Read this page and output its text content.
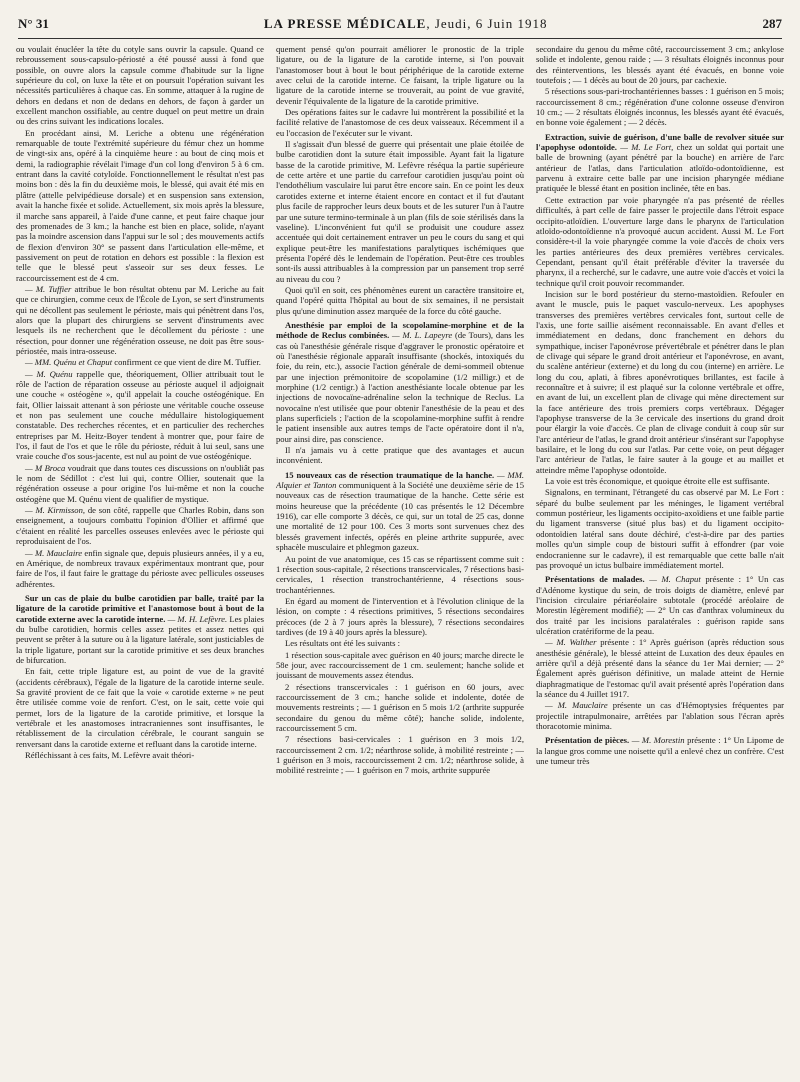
N° 31	LA PRESSE MÉDICALE, Jeudi, 6 Juin 1918	287

ou voulait énucléer la tête du cotyle sans ouvrir la capsule. Quand ce rebroussement sous-capsulo-périosté a été poussé aussi à fond que possible, on ouvre alors la capsule comme d'habitude sur la ligne supérieure du col, on luxe la tête et on poursuit l'opération suivant les nécessités particulières à chaque cas. En somme, attaquer à la rugine de dehors en dedans et non de dedans en dehors, de façon à garder un excellent manchon ossifiable, au centre duquel on peut mettre un drain ou des crins suivant les indications locales.

En procédant ainsi, M. Leriche a obtenu une régénération remarquable de toute l'extrémité supérieure du fémur chez un homme de vingt-six ans, opéré à la cinquième heure : au bout de cinq mois et demi, la radiographie révélait l'image d'un col long d'environ 5 à 6 cm. entrant dans la cavité cotyloïde. Fonctionnellement le résultat n'est pas moins bon : dès la fin du deuxième mois, le blessé, qui avait été mis en plâtre (attelle pelvipédieuse dorsale) et en suspension sans extension, avait la hanche fixée et solide. Actuellement, six mois après la blessure, il marche sans appareil, à l'aide d'une canne, et peut faire chaque jour des promenades de 3 km.; la hanche est bien en place, solide, n'ayant pas la moindre ascension dans l'appui sur le sol ; des mouvements actifs de flexion d'environ 30° se passent dans l'articulation elle-même, et passivement on peut de rotation en dehors est possible : la flexion est telle que le blessé peut s'asseoir sur ses deux fesses. Le raccourcissement est de 4 cm.

— M. Tuffier attribue le bon résultat obtenu par M. Leriche au fait que ce chirurgien, comme ceux de l'École de Lyon, se sert d'instruments qui ne décollent pas seulement le périoste, mais qui pénètrent dans l'os, alors que la plupart des chirurgiens se servent d'instruments avec lesquels ils ne recherchent que le décollement du périoste : une résection, pour donner une régénération osseuse, ne doit pas être sous-périostée, mais intra-osseuse.

— MM. Quénu et Chaput confirment ce que vient de dire M. Tuffier.

— M. Quénu rappelle que, théoriquement, Ollier attribuait tout le rôle de l'action de réparation osseuse au périoste auquel il adjoignait une couche « ostéogène », qu'il appelait la couche ostéogénique. En fait, Ollier laissait attenant à son périoste une véritable couche osseuse et non pas seulement une couche médullaire histologiquement constatable. Des recherches récentes, et en particulier des recherches entreprises par M. Heitz-Boyer tendent à montrer que, pour faire de l'os, il faut de l'os et que le rôle du périoste, réduit à lui seul, sans une vraie couche d'os sous-jacente, est nul au point de vue ostéogénique.

— M Broca voudrait que dans toutes ces discussions on n'oubliât pas le nom de Sédillot : c'est lui qui, contre Ollier, soutenait que la régénération osseuse a pour origine l'os lui-même et non la couche ostéogène que M. Quénu vient de qualifier de mystique.

— M. Kirmisson, de son côté, rappelle que Charles Robin, dans son enseignement, a toujours combattu l'opinion d'Ollier et affirmé que c'étaient en réalité les parcelles osseuses enlevées avec le périoste qui reproduisaient de l'os.

— M. Mauclaire enfin signale que, depuis plusieurs années, il y a eu, en Amérique, de nombreux travaux expérimentaux montrant que, pour faire de l'os, il faut faire le grattage du périoste avec pellicules osseuses adhérentes.

Sur un cas de plaie du bulbe carotidien par balle, traité par la ligature de la carotide primitive et l'anastomose bout à bout de la carotide externe avec la carotide interne. — M. H. Lefèvre. Les plaies du bulbe carotidien, hormis celles assez petites et assez nettes qui peuvent se prêter à la suture ou à la ligature latérale, sont justiciables de la triple ligature, portant sur la carotide primitive et ses deux branches de bifurcation.

En fait, cette triple ligature est, au point de vue de la gravité (accidents cérébraux), l'égale de la ligature de la carotide interne seule. Sa gravité provient de ce fait que la voie « carotide externe » ne peut être utilisée comme voie de renfort. C'est, on le sait, cette voie qui permet, lors de la ligature de la carotide primitive, et lorsque la vertébrale et les anastomoses intracraniennes sont insuffisantes, le rétablissement de la circulation cérébrale, le courant sanguin se renversant dans la carotide externe et refluant dans la carotide interne.

Réfléchissant à ces faits, M. Lefèvre avait théori-

quement pensé qu'on pourrait améliorer le pronostic de la triple ligature, ou de la ligature de la carotide interne, si l'on pouvait l'anastomoser bout à bout le bout périphérique de la carotide externe avec celui de la carotide interne. Ce faisant, la triple ligature ou la ligature de la carotide interne se trouverait, au point de vue gravité, devenir l'équivalente de la ligature de la carotide primitive.

Des opérations faites sur le cadavre lui montrèrent la possibilité et la facilité relative de l'anastomose de ces deux vaisseaux. Récemment il a eu l'occasion de l'exécuter sur le vivant.

Il s'agissait d'un blessé de guerre qui présentait une plaie étoilée de bulbe carotidien dont la suture était impossible. Ayant fait la ligature basse de la carotide primitive, M. Lefèvre réséqua la partie supérieure de cette artère et une partie du carrefour carotidien jusqu'au point où l'endothélium vasculaire lui parut être encore sain. En ce point les deux carotides externe et interne étaient encore en contact et il fut d'autant plus facile de rapprocher leurs deux bouts et de les suturer l'un à l'autre par une suture termino-terminale à un plan (fils de soie stérilisés dans la vaseline). L'inconvénient fut qu'il se produisit une coudure assez accentuée qui doit certainement entraver un peu le cours du sang et qui explique peut-être les manifestations paralytiques ischémiques que présenta l'opéré dès le lendemain de l'opération. Peut-être ces troubles sont-ils aussi attribuables à la compression par un pansement trop serré au niveau du cou ?

Quoi qu'il en soit, ces phénomènes eurent un caractère transitoire et, quand l'opéré quitta l'hôpital au bout de six semaines, il ne persistait plus qu'une diminution assez marquée de la force du côté gauche.

Anesthésie par emploi de la scopolamine-morphine et de la méthode de Reclus combinées. — M. L. Lapeyre (de Tours), dans les cas où l'anesthésie générale risque d'aggraver le pronostic opératoire et où l'anesthésie régionale apparaît insuffisante (shockés, intoxiqués du foie, du rein, etc.), associe l'action générale de demi-sommeil obtenue par une injection prémonitoire de scopolamine (1/2 milligr.) et de morphine (1/2 centigr.) à l'action anesthésiante locale obtenue par les injections de novocaïne-adrénaline selon la technique de Reclus. La novocaïne n'est utilisée que pour obtenir l'anesthésie de la peau et des plans superficiels ; l'action de la scopolamine-morphine suffit à rendre le patient insensible aux autres temps de l'acte opératoire dont il n'a, pour ainsi dire, pas conscience.

Il n'a jamais vu à cette pratique que des avantages et aucun inconvénient.

15 nouveaux cas de résection traumatique de la hanche. — MM. Alquier et Tanton communiquent à la Société une deuxième série de 15 nouveaux cas de résection traumatique de la hanche. Cette série est moins heureuse que la précédente (10 cas présentés le 12 Décembre 1916), car elle comporte 3 décès, ce qui, sur un total de 25 cas, donne une mortalité de 12 pour 100. Ces 3 morts sont survenues chez des blessés gravement infectés, opérés en pleine arthrite suppurée, avec sphacèle musculaire et phlegmon gazeux.

Au point de vue anatomique, ces 15 cas se répartissent comme suit : 1 résection sous-capitale, 2 résections transcervicales, 7 résections basi-cervicales, 1 résection transtrochantérienne, 4 résections sous-trochantériennes.

En égard au moment de l'intervention et à l'évolution clinique de la lésion, on compte : 4 résections primitives, 5 résections secondaires précoces (de 2 à 7 jours après la blessure), 7 résections secondaires tardives (de 19 à 40 jours après la blessure).

Les résultats ont été les suivants :

1 résection sous-capitale avec guérison en 40 jours; marche directe le 58e jour, avec raccourcissement de 1 cm. seulement; hanche solide et jouissant de mouvements assez étendus.

2 résections transcervicales : 1 guérison en 60 jours, avec raccourcissement de 3 cm.; hanche solide et indolente, dotée de mouvements restreints ; — 1 guérison en 5 mois 1/2 (arthrite suppurée secondaire du genou du même côté); hanche solide, indolente, raccourcissement 5 cm.

7 résections basi-cervicales : 1 guérison en 3 mois 1/2, raccourcissement 2 cm. 1/2; néarthrose solide, à mobilité restreinte ; — 1 guérison en 3 mois, raccourcissement 2 cm. 1/2; néarthrose solide, à mobilité restreinte ; — 1 guérison en 7 mois, arthrite suppurée

secondaire du genou du même côté, raccourcissement 3 cm.; ankylose solide et indolente, genou raide ; — 3 résultats éloignés inconnus pour des réinterventions, les blessés ayant été évacués, en bonne voie toutefois ; — 1 décès au bout de 20 jours, par cachexie.

5 résections sous-pari-trochantériennes basses : 1 guérison en 5 mois; raccourcissement 8 cm.; régénération d'une colonne osseuse d'environ 10 cm.; — 2 résultats éloignés inconnus, les blessés ayant été évacués, en bonne voie également ; — 2 décès.

Extraction, suivie de guérison, d'une balle de revolver située sur l'apophyse odontoïde. — M. Le Fort, chez un soldat qui portait une balle de browning (ayant pénétré par la bouche) en arrière de l'arc antérieur de l'atlas, dans l'articulation atloïdo-odontoïdienne, est parvenu à extraire cette balle par une incision pharyngée médiane pratiquée le blessé étant en position inclinée, tête en bas.

Cette extraction par voie pharyngée n'a pas présenté de réelles difficultés, à part celle de faire passer le projectile dans l'étroit espace occipito-atloïdien. L'ouverture large dans le pharynx de l'articulation atloïdo-odontoïdienne n'a provoqué aucun accident. Aussi M. Le Fort considère-t-il la voie pharyngée comme la voie d'accès de choix vers les parties antérieures des deux premières vertèbres cervicales. Cependant, pensant qu'il était préférable d'éviter la traversée du pharynx, il a recherché, sur le cadavre, une autre voie d'accès et voici la technique qu'il croit pouvoir recommander.

Incision sur le bord postérieur du sterno-mastoïdien. Refouler en avant le muscle, puis le paquet vasculo-nerveux. Les apophyses transverses des premières vertèbres cervicales font, surtout celle de l'axis, une forte saillie aisément reconnaissable. En avant d'elles et immédiatement en dedans, donc franchement en dehors du sympathique, inciser l'aponévrose prévertébrale et pénétrer dans le plan de clivage qui sépare le grand droit antérieur et l'aponévrose, en avant, du scalène antérieur (externe) et du long du cou (interne) en arrière. Le long du cou, aplati, à fibres aponévrotiques brillantes, est facile à reconnaître et à suivre; il est plaqué sur la colonne vertébrale et offre, en avant de lui, un excellent plan de clivage qui mène directement sur la face antérieure des trois premiers corps vertébraux. Dégager l'apophyse transverse de la 3e cervicale des insertions du grand droit pour élargir la voie d'accès. Ce plan de clivage conduit à coup sûr sur l'arc antérieur de l'atlas, le grand droit antérieur s'insérant sur l'apophyse basilaire, et le long du cou sur l'atlas. Par cette voie, on peut dégager l'arc antérieur de l'atlas, le faire sauter à la gouge et au maillet et atteindre même l'apophyse odontoïde.

La voie est très économique, et quoique étroite elle est suffisante.

Signalons, en terminant, l'étrangeté du cas observé par M. Le Fort : séparé du bulbe seulement par les méninges, le ligament vertébral commun postérieur, les ligaments occipito-axoïdiens et une faible partie du ligament transverse (situé plus bas) et du ligament occipito-odontoïdien latéral sans doute déchiré, c'est-à-dire par des parties molles qu'un simple coup de bistouri suffit à effondrer (par voie endocranienne sur le cadavre), il est remarquable que cette balle n'ait pas provoqué un ictus bulbaire immédiatement mortel.

Présentations de malades. — M. Chaput présente : 1° Un cas d'Adénome kystique du sein, de trois doigts de diamètre, enlevé par l'incision circulaire périaréolaire subtotale (procédé aréolaire de Morestin légèrement modifié); — 2° Un cas d'anthrax volumineux du dos traité par les incisions paralatérales : guérison rapide sans ulcération cratériforme de la peau.

— M. Walther présente : 1° Après guérison (après réduction sous anesthésie générale), le blessé atteint de Luxation des deux épaules en arrière qu'il a déjà présenté dans la séance du 1er Mai dernier; — 2° Également après guérison définitive, un malade atteint de Hernie diaphragmatique de l'estomac qu'il avait présenté après l'opération dans la séance du 4 Juillet 1917.

— M. Mauclaire présente un cas d'Hémoptysies fréquentes par projectile intrapulmonaire, arrêtées par l'ablation sous l'écran après thoracotomie minima.

Présentation de pièces. — M. Morestin présente : 1° Un Lipome de la langue gros comme une noisette qu'il a enlevé chez un confrère. C'est une tumeur très
